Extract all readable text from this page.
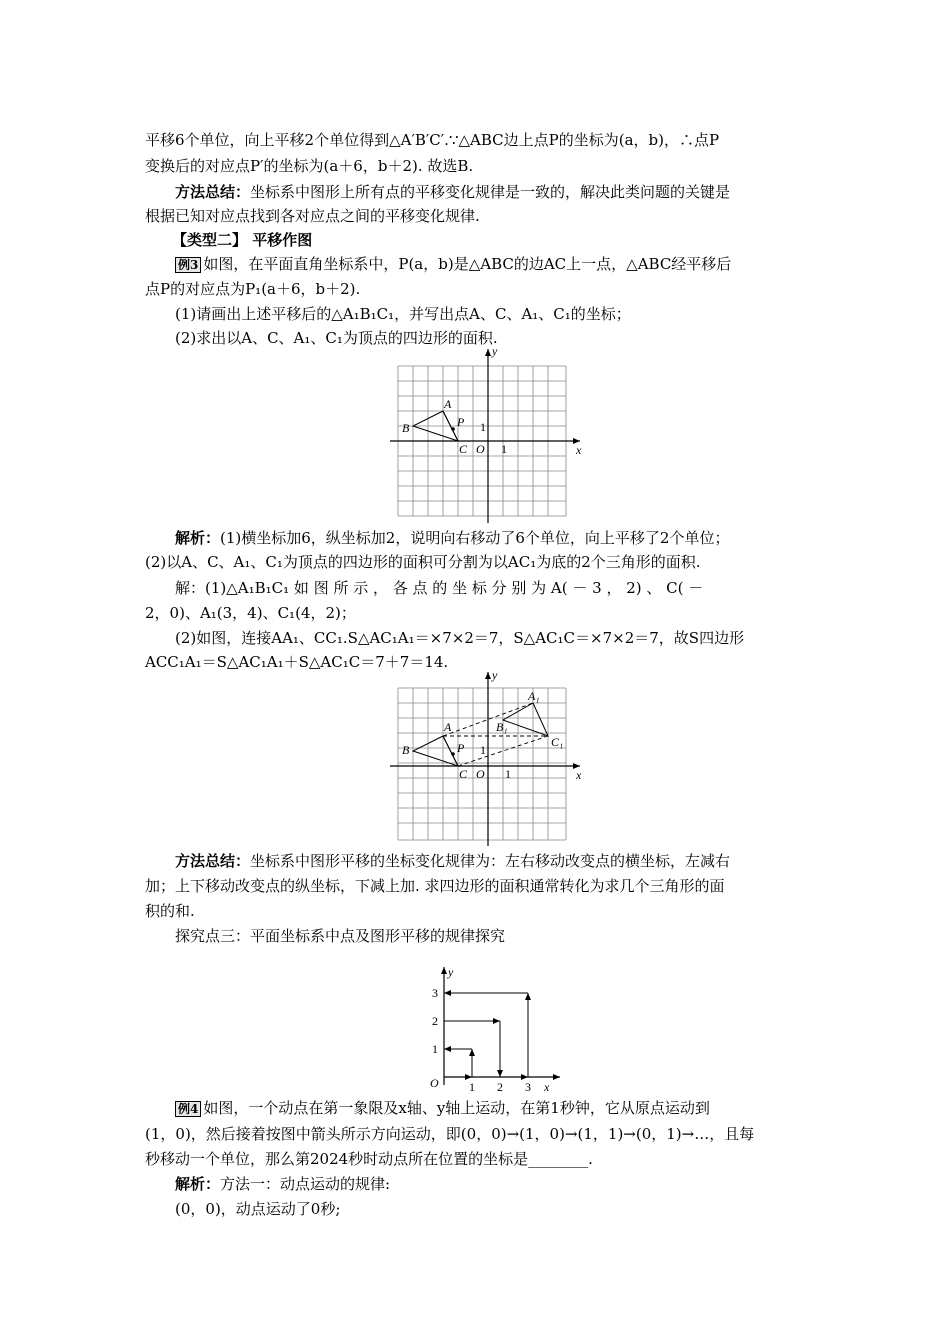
平移6个单位，向上平移2个单位得到△A′B′C′.∵△ABC边上点P的坐标为(a，b)，∴点P
变换后的对应点P′的坐标为(a＋6，b＋2). 故选B.
方法总结：坐标系中图形上所有点的平移变化规律是一致的，解决此类问题的关键是
根据已知对应点找到各对应点之间的平移变化规律.
【类型二】 平移作图
例3 如图，在平面直角坐标系中，P(a，b)是△ABC的边AC上一点，△ABC经平移后
点P的对应点为P₁(a＋6，b＋2).
(1)请画出上述平移后的△A₁B₁C₁，并写出点A、C、A₁、C₁的坐标；
(2)求出以A、C、A₁、C₁为顶点的四边形的面积.
y
x
O 1
1
A
B
C
P
解析：(1)横坐标加6，纵坐标加2，说明向右移动了6个单位，向上平移了2个单位；
(2)以A、C、A₁、C₁为顶点的四边形的面积可分割为以AC₁为底的2个三角形的面积.
解：(1)△A₁B₁C₁ 如 图 所 示 ， 各 点 的 坐 标 分 别 为 A( － 3 ， 2) 、 C( －
2，0)、A₁(3，4)、C₁(4，2)；
(2)如图，连接AA₁、CC₁.S△AC₁A₁＝×7×2＝7，S△AC₁C＝×7×2＝7，故S四边形
ACC₁A₁＝S△AC₁A₁＋S△AC₁C＝7＋7＝14.
y
x
O 1
1
A
B
C
P
A₁
B₁
C₁
方法总结：坐标系中图形平移的坐标变化规律为：左右移动改变点的横坐标，左减右
加；上下移动改变点的纵坐标，下减上加. 求四边形的面积通常转化为求几个三角形的面
积的和.
探究点三：平面坐标系中点及图形平移的规律探究
y
x
O	1 2 3
1
2
3
例4 如图，一个动点在第一象限及x轴、y轴上运动，在第1秒钟，它从原点运动到
(1，0)，然后接着按图中箭头所示方向运动，即(0，0)→(1，0)→(1，1)→(0，1)→…，且每
秒移动一个单位，那么第2024秒时动点所在位置的坐标是________.
解析：方法一：动点运动的规律:
(0，0)，动点运动了0秒;
